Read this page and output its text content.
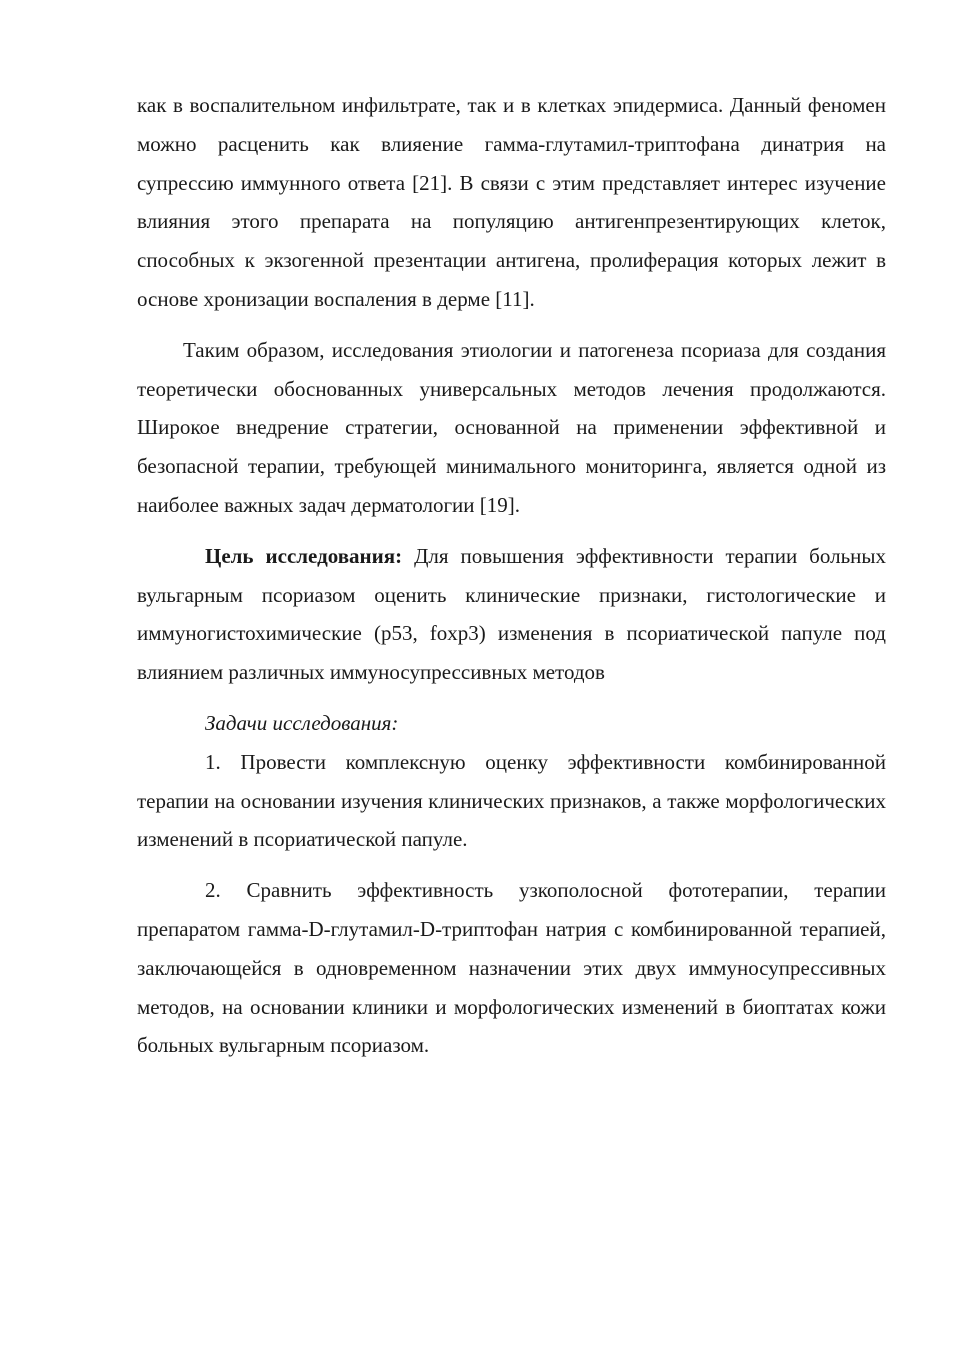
как в воспалительном инфильтрате, так и в клетках эпидермиса. Данный феномен можно расценить как влияение гамма-глутамил-триптофана динатрия на супрессию иммунного ответа [21]. В связи с этим представляет интерес изучение влияния этого препарата на популяцию антигенпрезентирующих клеток, способных к экзогенной презентации антигена, пролиферация которых лежит в основе хронизации воспаления в дерме [11].

Таким образом, исследования этиологии и патогенеза псориаза для создания теоретически обоснованных универсальных методов лечения продолжаются. Широкое внедрение стратегии, основанной на применении эффективной и безопасной терапии, требующей минимального мониторинга, является одной из наиболее важных задач дерматологии [19].

Цель исследования: Для повышения эффективности терапии больных вульгарным псориазом оценить клинические признаки, гистологические и иммуногистохимические (p53, foxp3) изменения в псориатической папуле под влиянием различных иммуносупрессивных методов

Задачи исследования:

1. Провести комплексную оценку эффективности комбинированной терапии на основании изучения клинических признаков, а также морфологических изменений в псориатической папуле.

2. Сравнить эффективность узкополосной фототерапии, терапии препаратом гамма-D-глутамил-D-триптофан натрия с комбинированной терапией, заключающейся в одновременном назначении этих двух иммуносупрессивных методов, на основании клиники и морфологических изменений в биоптатах кожи больных вульгарным псориазом.
